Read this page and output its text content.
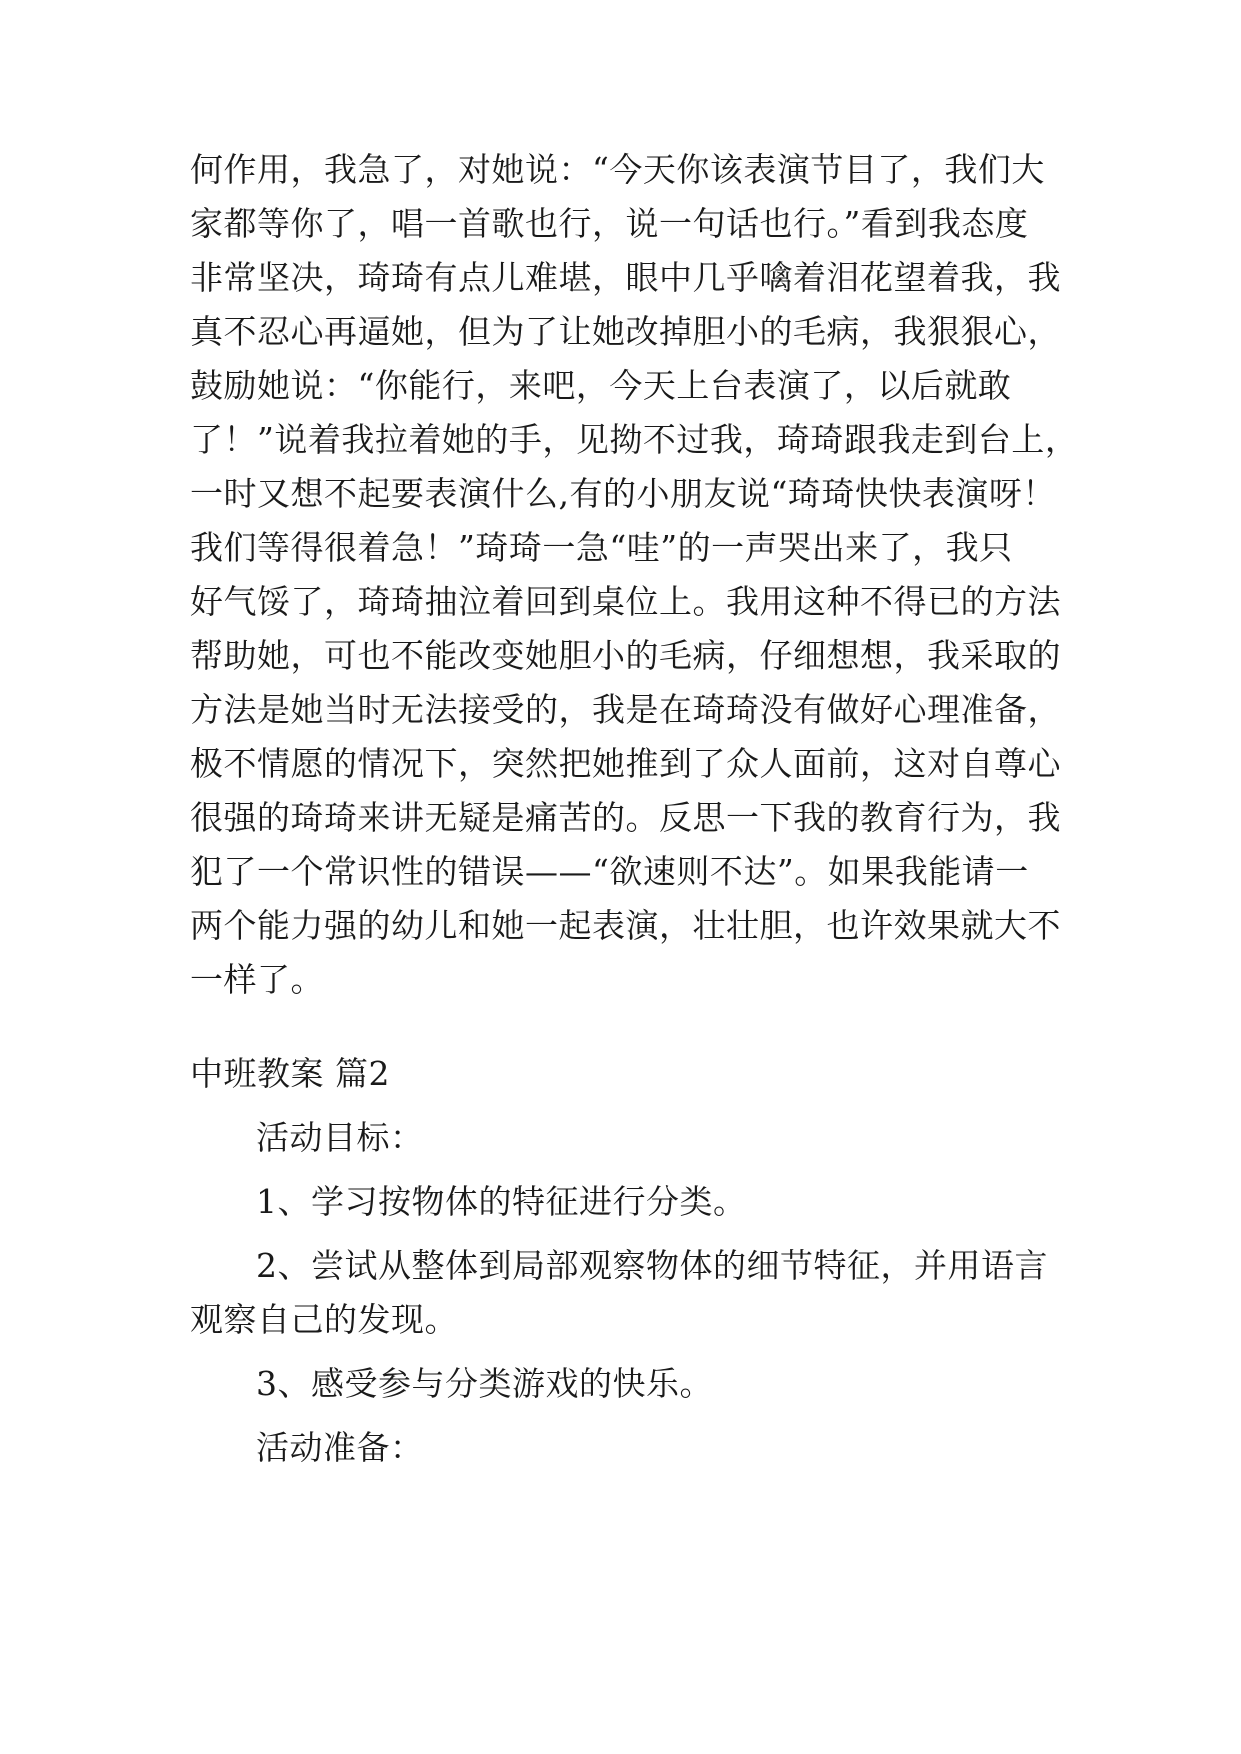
何作用，我急了，对她说：“今天你该表演节目了，我们大
家都等你了，唱一首歌也行，说一句话也行。”看到我态度
非常坚决，琦琦有点儿难堪，眼中几乎噙着泪花望着我，我
真不忍心再逼她，但为了让她改掉胆小的毛病，我狠狠心，
鼓励她说：“你能行，来吧，今天上台表演了，以后就敢
了！”说着我拉着她的手，见拗不过我，琦琦跟我走到台上，
一时又想不起要表演什么,有的小朋友说“琦琦快快表演呀！
我们等得很着急！”琦琦一急“哇”的一声哭出来了，我只
好气馁了，琦琦抽泣着回到桌位上。我用这种不得已的方法
帮助她，可也不能改变她胆小的毛病，仔细想想，我采取的
方法是她当时无法接受的，我是在琦琦没有做好心理准备，
极不情愿的情况下，突然把她推到了众人面前，这对自尊心
很强的琦琦来讲无疑是痛苦的。反思一下我的教育行为，我
犯了一个常识性的错误——“欲速则不达”。如果我能请一
两个能力强的幼儿和她一起表演，壮壮胆，也许效果就大不
一样了。
中班教案 篇2
活动目标：
1、学习按物体的特征进行分类。
2、尝试从整体到局部观察物体的细节特征，并用语言
观察自己的发现。
3、感受参与分类游戏的快乐。
活动准备：
